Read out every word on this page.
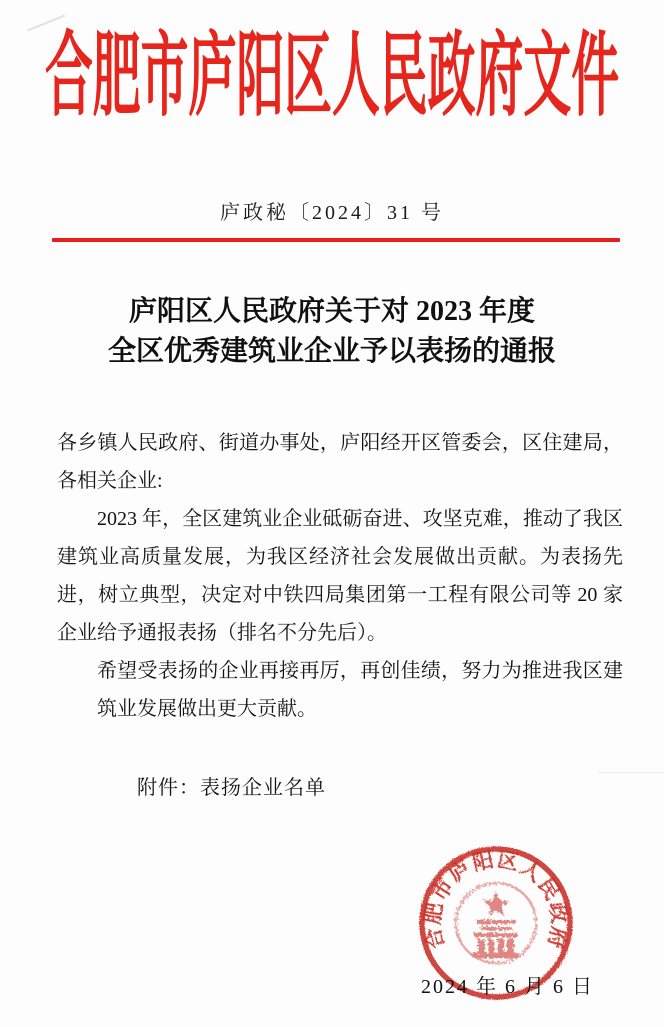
合肥市庐阳区人民政府文件
庐政秘〔2024〕31 号
庐阳区人民政府关于对 2023 年度
全区优秀建筑业企业予以表扬的通报

各乡镇人民政府、街道办事处，庐阳经开区管委会，区住建局，各相关企业:

2023 年，全区建筑业企业砥砺奋进、攻坚克难，推动了我区建筑业高质量发展，为我区经济社会发展做出贡献。为表扬先进，树立典型，决定对中铁四局集团第一工程有限公司等 20 家企业给予通报表扬（排名不分先后）。

希望受表扬的企业再接再厉，再创佳绩，努力为推进我区建筑业发展做出更大贡献。

附件：表扬企业名单
合肥市庐阳区人民政府
2024 年 6 月 6 日
